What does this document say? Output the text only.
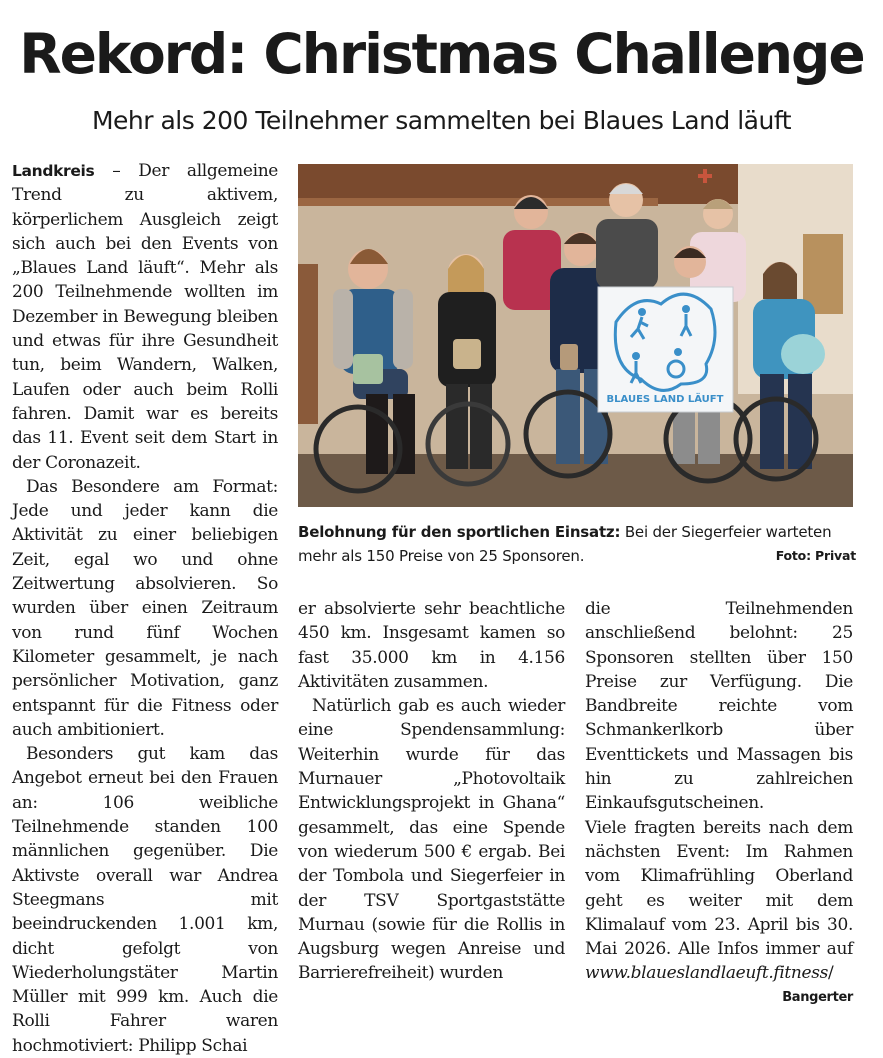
Rekord: Christmas Challenge
Mehr als 200 Teilnehmer sammelten bei Blaues Land läuft

Landkreis – Der allgemeine Trend zu aktivem, körperlichem Ausgleich zeigt sich auch bei den Events von „Blaues Land läuft“. Mehr als 200 Teilnehmende wollten im Dezember in Bewegung bleiben und etwas für ihre Gesundheit tun, beim Wandern, Walken, Laufen oder auch beim Rolli fahren. Damit war es bereits das 11. Event seit dem Start in der Coronazeit.

Das Besondere am Format: Jede und jeder kann die Aktivität zu einer beliebigen Zeit, egal wo und ohne Zeitwertung absolvieren. So wurden über einen Zeitraum von rund fünf Wochen Kilometer gesammelt, je nach persönlicher Motivation, ganz entspannt für die Fitness oder auch ambitioniert.

Besonders gut kam das Angebot erneut bei den Frauen an: 106 weibliche Teilnehmende standen 100 männlichen gegenüber. Die Aktivste overall war Andrea Steegmans mit beeindruckenden 1.001 km, dicht gefolgt von Wiederholungstäter Martin Müller mit 999 km. Auch die Rolli Fahrer waren hochmotiviert: Philipp Schai

BLAUES LAND LÄUFT
Belohnung für den sportlichen Einsatz: Bei der Siegerfeier warteten mehr als 150 Preise von 25 Sponsoren.	Foto: Privat

er absolvierte sehr beachtliche 450 km. Insgesamt kamen so fast 35.000 km in 4.156 Aktivitäten zusammen.

Natürlich gab es auch wieder eine Spendensammlung: Weiterhin wurde für das Murnauer „Photovoltaik Entwicklungsprojekt in Ghana“ gesammelt, das eine Spende von wiederum 500 € ergab. Bei der Tombola und Siegerfeier in der TSV Sportgaststätte Murnau (sowie für die Rollis in Augsburg wegen Anreise und Barrierefreiheit) wurden

die Teilnehmenden anschließend belohnt: 25 Sponsoren stellten über 150 Preise zur Verfügung. Die Bandbreite reichte vom Schmankerlkorb über Eventtickets und Massagen bis hin zu zahlreichen Einkaufsgutscheinen.

Viele fragten bereits nach dem nächsten Event: Im Rahmen vom Klimafrühling Oberland geht es weiter mit dem Klimalauf vom 23. April bis 30. Mai 2026. Alle Infos immer auf www.blaueslandlaeuft.fitness/

Bangerter
